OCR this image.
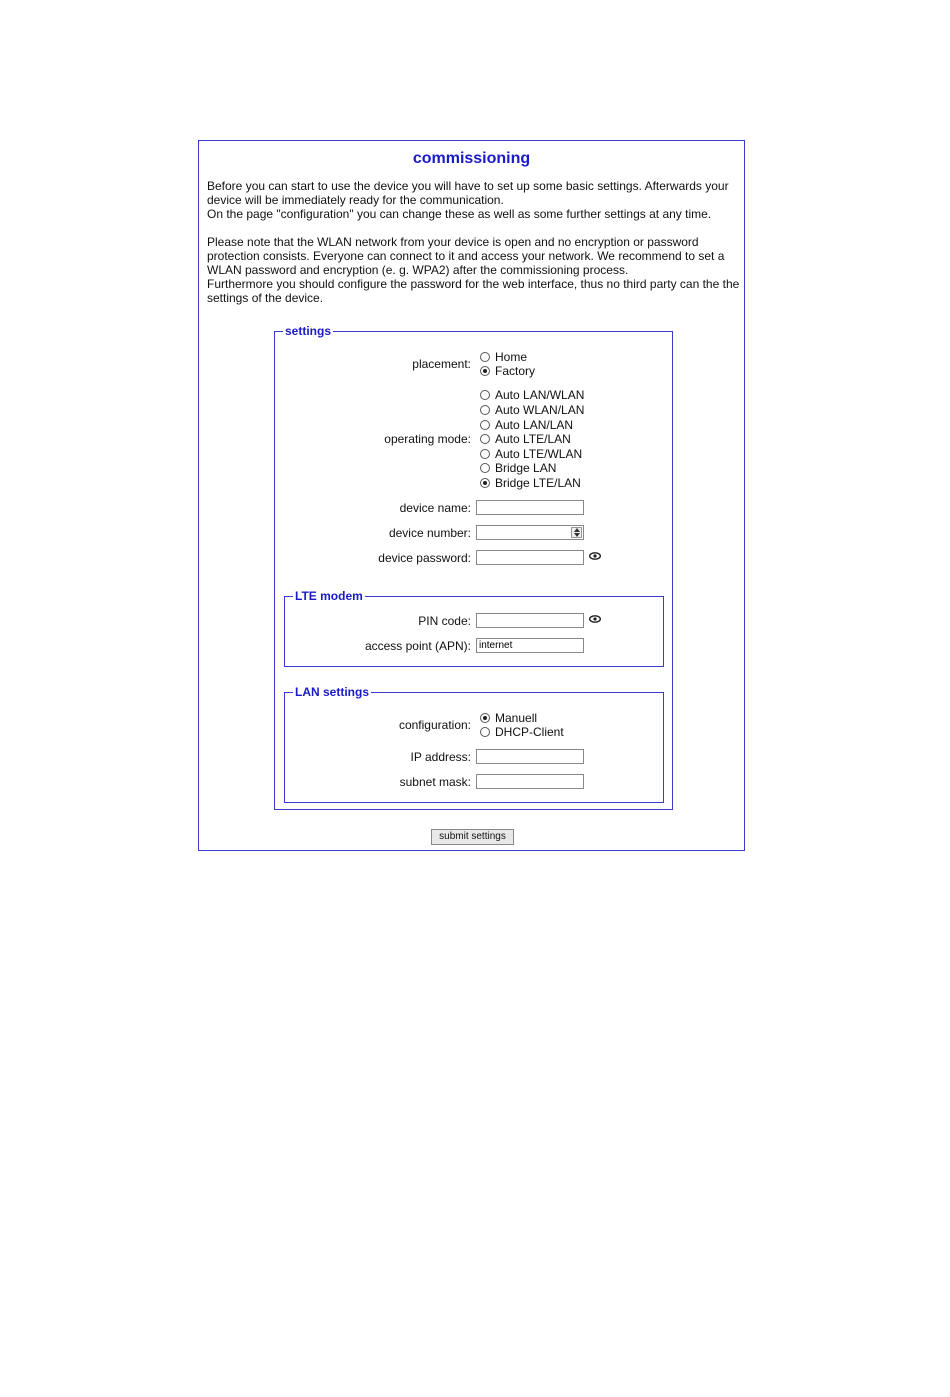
commissioning
Before you can start to use the device you will have to set up some basic settings. Afterwards your device will be immediately ready for the communication.
On the page "configuration" you can change these as well as some further settings at any time.
Please note that the WLAN network from your device is open and no encryption or password protection consists. Everyone can connect to it and access your network. We recommend to set a WLAN password and encryption (e. g. WPA2) after the commissioning process.
Furthermore you should configure the password for the web interface, thus no third party can the the settings of the device.
settings
placement: Home
Factory
operating mode:
Auto LAN/WLAN
Auto WLAN/LAN
Auto LAN/LAN
Auto LTE/LAN
Auto LTE/WLAN
Bridge LAN
Bridge LTE/LAN
device name:
device number:
device password:
LTE modem
PIN code:
access point (APN):
internet
LAN settings
configuration: Manuell
DHCP-Client
IP address:
subnet mask:
submit settings
